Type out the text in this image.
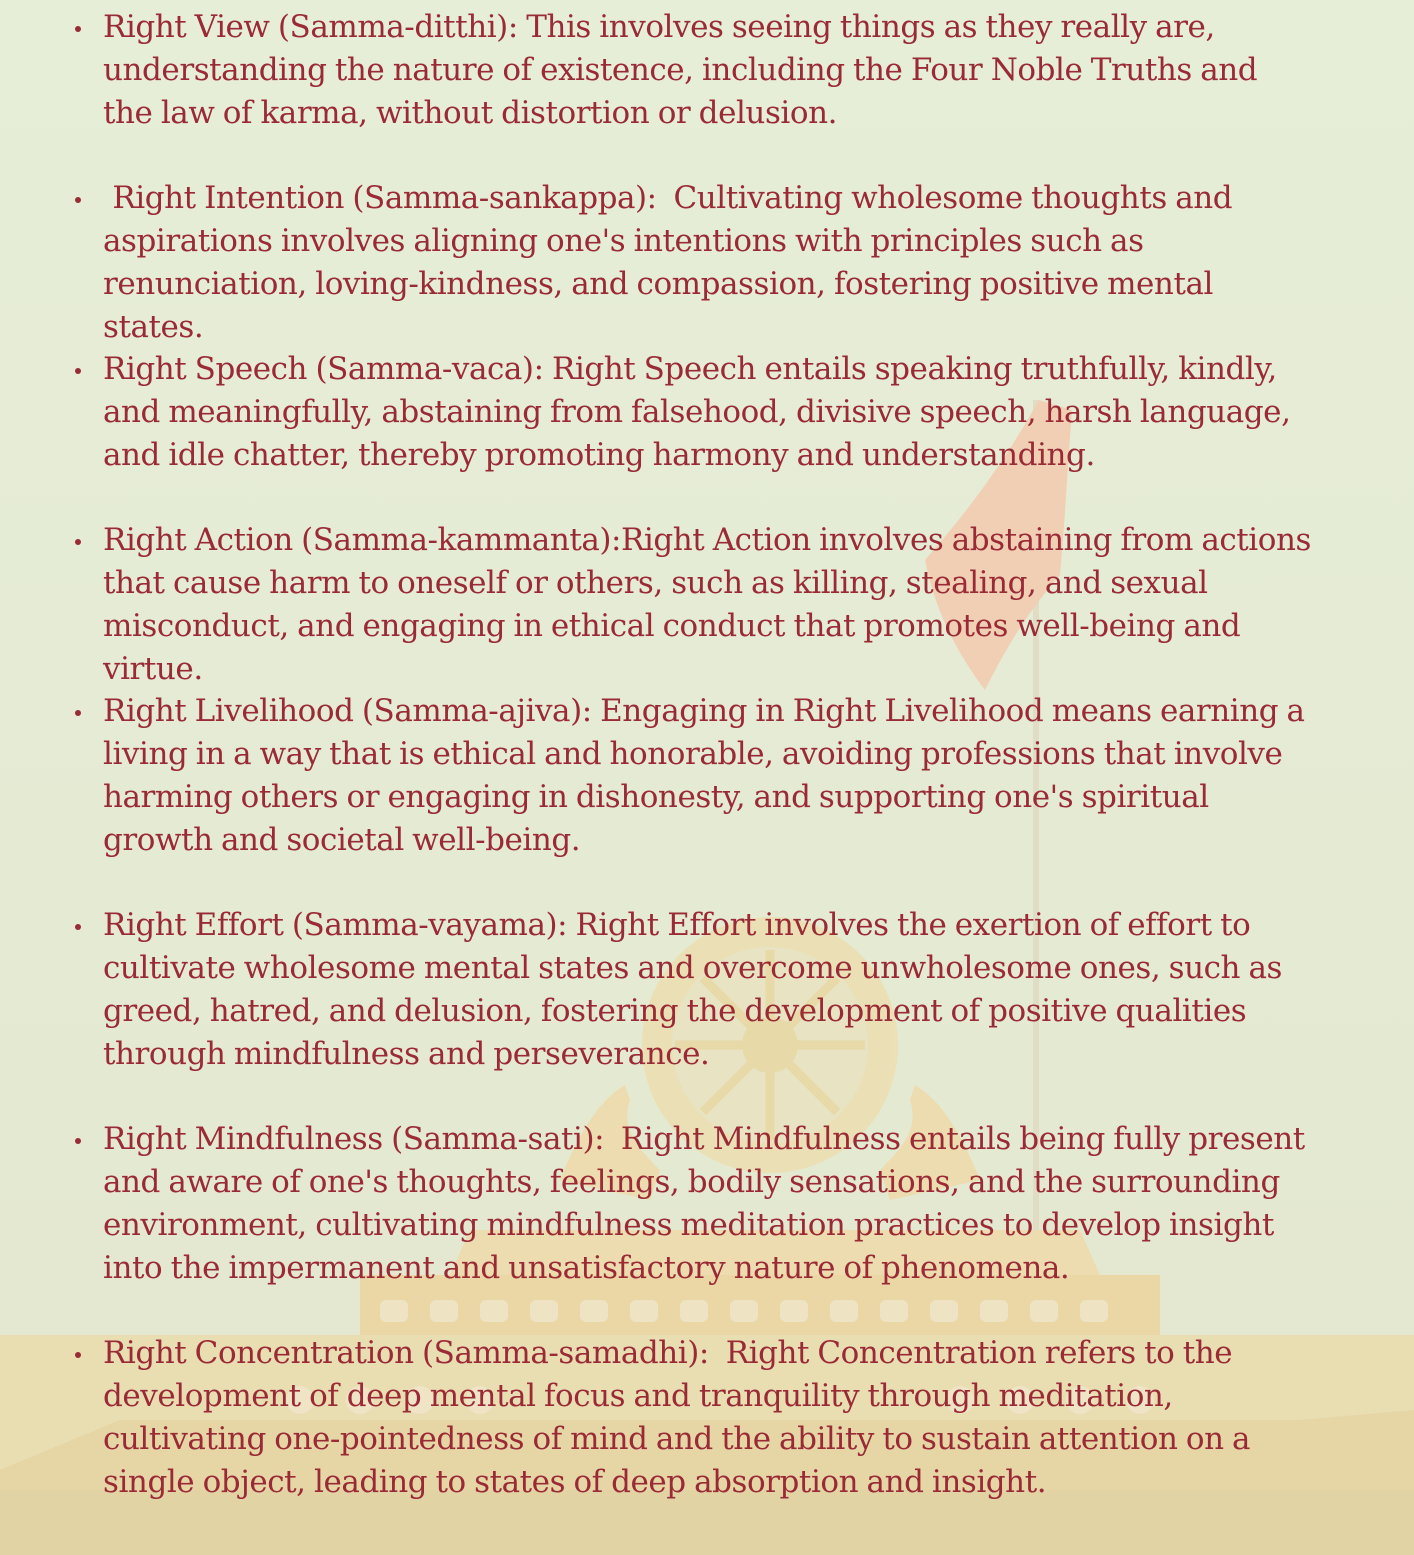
Right View (Samma-ditthi): This involves seeing things as they really are, understanding the nature of existence, including the Four Noble Truths and the law of karma, without distortion or delusion.
Right Intention (Samma-sankappa):  Cultivating wholesome thoughts and aspirations involves aligning one's intentions with principles such as renunciation, loving-kindness, and compassion, fostering positive mental states.
Right Speech (Samma-vaca): Right Speech entails speaking truthfully, kindly, and meaningfully, abstaining from falsehood, divisive speech, harsh language, and idle chatter, thereby promoting harmony and understanding.
Right Action (Samma-kammanta):Right Action involves abstaining from actions that cause harm to oneself or others, such as killing, stealing, and sexual misconduct, and engaging in ethical conduct that promotes well-being and virtue.
Right Livelihood (Samma-ajiva): Engaging in Right Livelihood means earning a living in a way that is ethical and honorable, avoiding professions that involve harming others or engaging in dishonesty, and supporting one's spiritual growth and societal well-being.
Right Effort (Samma-vayama): Right Effort involves the exertion of effort to cultivate wholesome mental states and overcome unwholesome ones, such as greed, hatred, and delusion, fostering the development of positive qualities through mindfulness and perseverance.
Right Mindfulness (Samma-sati):  Right Mindfulness entails being fully present and aware of one's thoughts, feelings, bodily sensations, and the surrounding environment, cultivating mindfulness meditation practices to develop insight into the impermanent and unsatisfactory nature of phenomena.
Right Concentration (Samma-samadhi):  Right Concentration refers to the development of deep mental focus and tranquility through meditation, cultivating one-pointedness of mind and the ability to sustain attention on a single object, leading to states of deep absorption and insight.
